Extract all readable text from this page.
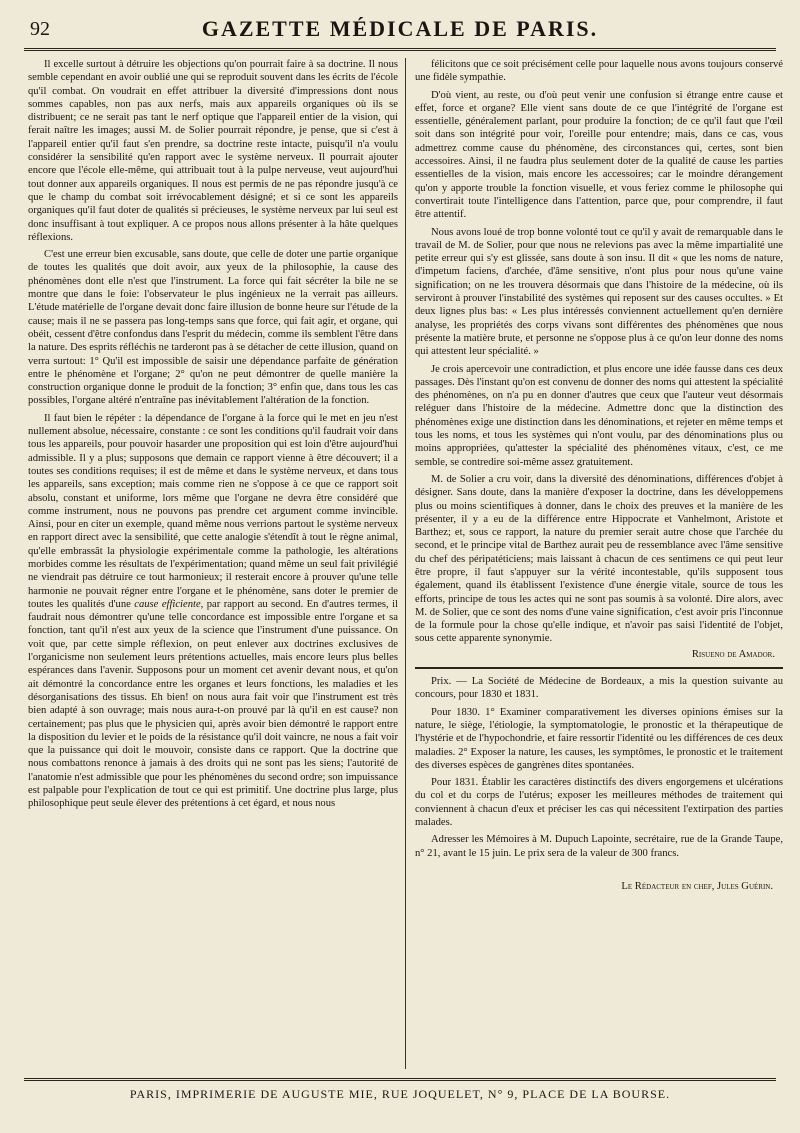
92	GAZETTE MÉDICALE DE PARIS.

Il excelle surtout à détruire les objections qu'on pourrait faire à sa doctrine. Il nous semble cependant en avoir oublié une qui se reproduit souvent dans les écrits de l'école qu'il combat. On voudrait en effet attribuer la diversité d'impressions dont nous sommes capables, non pas aux nerfs, mais aux appareils organiques où ils se distribuent; ce ne serait pas tant le nerf optique que l'appareil entier de la vision, qui ferait naître les images; aussi M. de Solier pourrait répondre, je pense, que si c'est à l'appareil entier qu'il faut s'en prendre, sa doctrine reste intacte, puisqu'il n'a voulu considérer la sensibilité qu'en rapport avec le système nerveux. Il pourrait ajouter encore que l'école elle-même, qui attribuait tout à la pulpe nerveuse, veut aujourd'hui tout donner aux appareils organiques. Il nous est permis de ne pas répondre jusqu'à ce que le champ du combat soit irrévocablement désigné; et si ce sont les appareils organiques qu'il faut doter de qualités si précieuses, le système nerveux par lui seul est donc insuffisant à tout expliquer. A ce propos nous allons présenter à la hâte quelques réflexions.

C'est une erreur bien excusable, sans doute, que celle de doter une partie organique de toutes les qualités que doit avoir, aux yeux de la philosophie, la cause des phénomènes dont elle n'est que l'instrument. La force qui fait sécréter la bile ne se montre que dans le foie: l'observateur le plus ingénieux ne la verrait pas ailleurs. L'étude matérielle de l'organe devait donc faire illusion de bonne heure sur l'étude de la cause; mais il ne se passera pas long-temps sans que force, qui fait agir, et organe, qui obéit, cessent d'être confondus dans l'esprit du médecin, comme ils semblent l'être dans la nature. Des esprits réfléchis ne tarderont pas à se détacher de cette illusion, quand on verra surtout: 1° Qu'il est impossible de saisir une dépendance parfaite de génération entre le phénomène et l'organe; 2° qu'on ne peut démontrer de quelle manière la construction organique donne le produit de la fonction; 3° enfin que, dans tous les cas possibles, l'organe altéré n'entraîne pas inévitablement l'altération de la fonction.

Il faut bien le répéter : la dépendance de l'organe à la force qui le met en jeu n'est nullement absolue, nécessaire, constante : ce sont les conditions qu'il faudrait voir dans tous les appareils, pour pouvoir hasarder une proposition qui est loin d'être aujourd'hui admissible. Il y a plus; supposons que demain ce rapport vienne à être découvert; il a toutes ses conditions requises; il est de même et dans le système nerveux, et dans tous les appareils, sans exception; mais comme rien ne s'oppose à ce que ce rapport soit absolu, constant et uniforme, lors même que l'organe ne devra être considéré que comme instrument, nous ne pouvons pas prendre cet argument comme invincible. Ainsi, pour en citer un exemple, quand même nous verrions partout le système nerveux en rapport direct avec la sensibilité, que cette analogie s'étendît à tout le règne animal, qu'elle embrassât la physiologie expérimentale comme la pathologie, les altérations morbides comme les résultats de l'expérimentation; quand même un seul fait privilégié ne viendrait pas détruire ce tout harmonieux; il resterait encore à prouver qu'une telle harmonie ne pouvait régner entre l'organe et le phénomène, sans doter le premier de toutes les qualités d'une cause efficiente, par rapport au second. En d'autres termes, il faudrait nous démontrer qu'une telle concordance est impossible entre l'organe et sa fonction, tant qu'il n'est aux yeux de la science que l'instrument d'une puissance. On voit que, par cette simple réflexion, on peut enlever aux doctrines exclusives de l'organicisme non seulement leurs prétentions actuelles, mais encore leurs plus belles espérances dans l'avenir. Supposons pour un moment cet avenir devant nous, et qu'on ait démontré la concordance entre les organes et leurs fonctions, les maladies et les désorganisations des tissus. Eh bien! on nous aura fait voir que l'instrument est très bien adapté à son ouvrage; mais nous aura-t-on prouvé par là qu'il en est cause? non certainement; pas plus que le physicien qui, après avoir bien démontré le rapport entre la disposition du levier et le poids de la résistance qu'il doit vaincre, ne nous a fait voir que la puissance qui doit le mouvoir, consiste dans ce rapport. Que la doctrine que nous combattons renonce à jamais à des droits qui ne sont pas les siens; l'autorité de l'anatomie n'est admissible que pour les phénomènes du second ordre; son impuissance est palpable pour l'explication de tout ce qui est primitif. Une doctrine plus large, plus philosophique peut seule élever des prétentions à cet égard, et nous nous

félicitons que ce soit précisément celle pour laquelle nous avons toujours conservé une fidèle sympathie.

D'où vient, au reste, ou d'où peut venir une confusion si étrange entre cause et effet, force et organe? Elle vient sans doute de ce que l'intégrité de l'organe est essentielle, généralement parlant, pour produire la fonction; de ce qu'il faut que l'œil soit dans son intégrité pour voir, l'oreille pour entendre; mais, dans ce cas, vous admettrez comme cause du phénomène, des circonstances qui, certes, sont bien accessoires. Ainsi, il ne faudra plus seulement doter de la qualité de cause les parties essentielles de la vision, mais encore les accessoires; car le moindre dérangement qu'on y apporte trouble la fonction visuelle, et vous feriez comme le philosophe qui convertirait toute l'intelligence dans l'attention, parce que, pour comprendre, il faut être attentif.

Nous avons loué de trop bonne volonté tout ce qu'il y avait de remarquable dans le travail de M. de Solier, pour que nous ne relevions pas avec la même impartialité une petite erreur qui s'y est glissée, sans doute à son insu. Il dit « que les noms de nature, d'impetum faciens, d'archée, d'âme sensitive, n'ont plus pour nous qu'une vaine signification; on ne les trouvera désormais que dans l'histoire de la médecine, où ils serviront à prouver l'instabilité des systèmes qui reposent sur des causes occultes. » Et deux lignes plus bas: « Les plus intéressés conviennent actuellement qu'en dernière analyse, les propriétés des corps vivans sont différentes des phénomènes que nous présente la matière brute, et personne ne s'oppose plus à ce qu'on leur donne des noms qui attestent leur spécialité. »

Je crois apercevoir une contradiction, et plus encore une idée fausse dans ces deux passages. Dès l'instant qu'on est convenu de donner des noms qui attestent la spécialité des phénomènes, on n'a pu en donner d'autres que ceux que l'auteur veut désormais reléguer dans l'histoire de la médecine. Admettre donc que la distinction des phénomènes exige une distinction dans les dénominations, et rejeter en même temps et tous les noms, et tous les systèmes qui n'ont voulu, par des dénominations plus ou moins appropriées, qu'attester la spécialité des phénomènes vitaux, c'est, ce me semble, se contredire soi-même assez gratuitement.

M. de Solier a cru voir, dans la diversité des dénominations, différences d'objet à désigner. Sans doute, dans la manière d'exposer la doctrine, dans les développemens plus ou moins scientifiques à donner, dans le choix des preuves et la manière de les présenter, il y a eu de la différence entre Hippocrate et Vanhelmont, Aristote et Barthez; et, sous ce rapport, la nature du premier serait autre chose que l'archée du second, et le principe vital de Barthez aurait peu de ressemblance avec l'âme sensitive du chef des péripatéticiens; mais laissant à chacun de ces sentimens ce qui peut leur être propre, il faut s'appuyer sur la vérité incontestable, qu'ils supposent tous également, quand ils établissent l'existence d'une énergie vitale, source de tous les efforts, principe de tous les actes qui ne sont pas soumis à sa volonté. Dire alors, avec M. de Solier, que ce sont des noms d'une vaine signification, c'est avoir pris l'inconnue de la formule pour la chose qu'elle indique, et n'avoir pas saisi l'identité de l'objet, sous cette apparente synonymie.

Risueno de Amador.

Prix. — La Société de Médecine de Bordeaux, a mis la question suivante au concours, pour 1830 et 1831.

Pour 1830. 1° Examiner comparativement les diverses opinions émises sur la nature, le siège, l'étiologie, la symptomatologie, le pronostic et la thérapeutique de l'hystérie et de l'hypochondrie, et faire ressortir l'identité ou les différences de ces deux maladies. 2° Exposer la nature, les causes, les symptômes, le pronostic et le traitement des diverses espèces de gangrènes dites spontanées.

Pour 1831. Établir les caractères distinctifs des divers engorgemens et ulcérations du col et du corps de l'utérus; exposer les meilleures méthodes de traitement qui conviennent à chacun d'eux et préciser les cas qui nécessitent l'extirpation des parties malades.

Adresser les Mémoires à M. Dupuch Lapointe, secrétaire, rue de la Grande Taupe, n° 21, avant le 15 juin. Le prix sera de la valeur de 300 francs.

Le Rédacteur en chef, Jules Guérin.
PARIS, IMPRIMERIE DE AUGUSTE MIE, RUE JOQUELET, N° 9, PLACE DE LA BOURSE.
